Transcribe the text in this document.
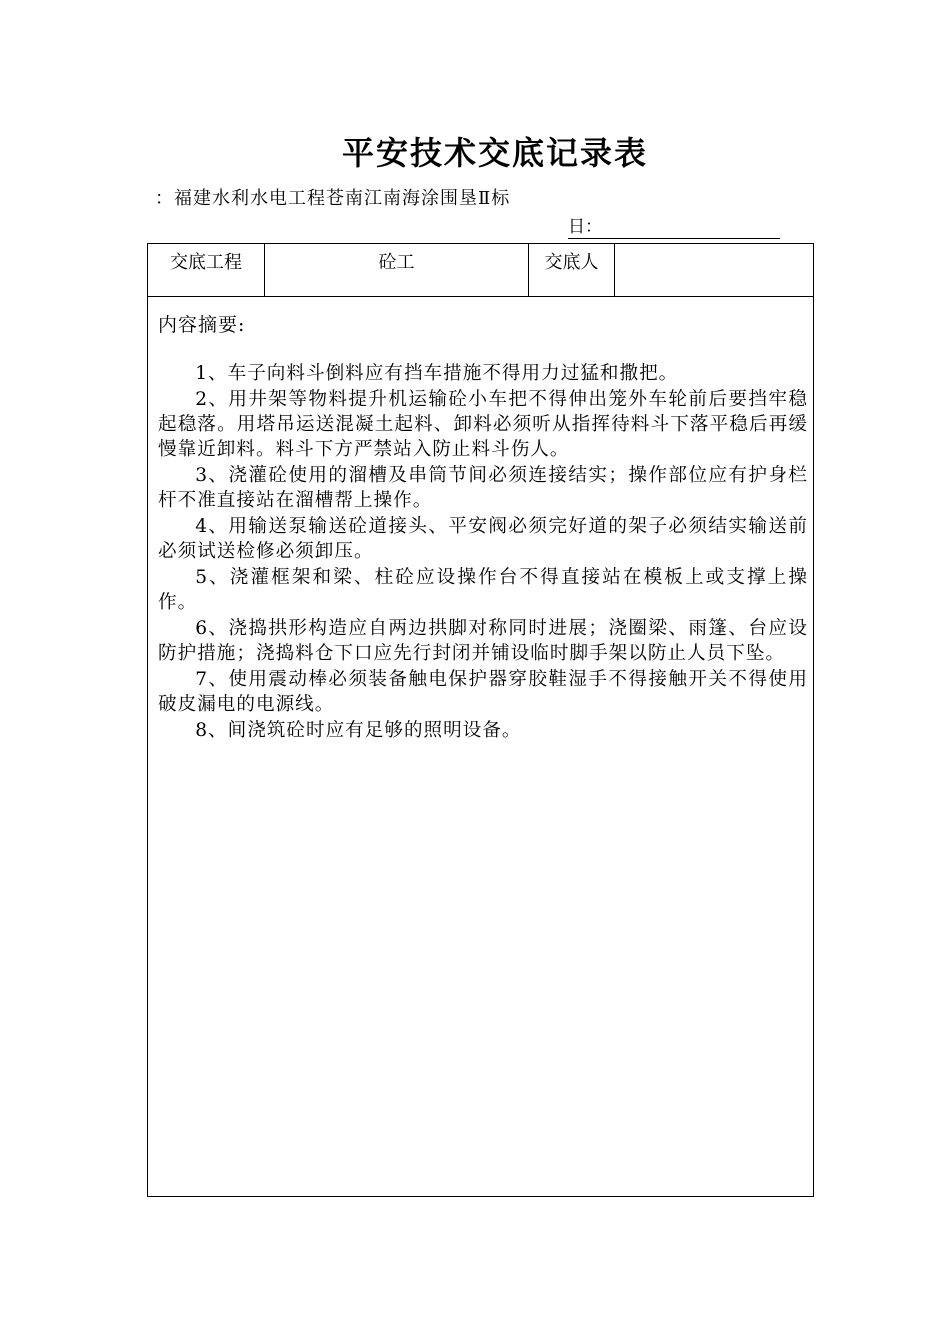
平安技术交底记录表
：福建水利水电工程苍南江南海涂围垦Ⅱ标
日：
交底工程	砼工	交底人
内容摘要:

1、车子向料斗倒料应有挡车措施不得用力过猛和撒把。

2、用井架等物料提升机运输砼小车把不得伸出笼外车轮前后要挡牢稳起稳落。用塔吊运送混凝土起料、卸料必须听从指挥待料斗下落平稳后再缓慢靠近卸料。料斗下方严禁站入防止料斗伤人。

3、浇灌砼使用的溜槽及串筒节间必须连接结实；操作部位应有护身栏杆不准直接站在溜槽帮上操作。

4、用输送泵输送砼道接头、平安阀必须完好道的架子必须结实输送前必须试送检修必须卸压。

5、浇灌框架和梁、柱砼应设操作台不得直接站在模板上或支撑上操作。

6、浇捣拱形构造应自两边拱脚对称同时进展；浇圈梁、雨篷、台应设防护措施；浇捣料仓下口应先行封闭并铺设临时脚手架以防止人员下坠。

7、使用震动棒必须装备触电保护器穿胶鞋湿手不得接触开关不得使用破皮漏电的电源线。

8、间浇筑砼时应有足够的照明设备。
